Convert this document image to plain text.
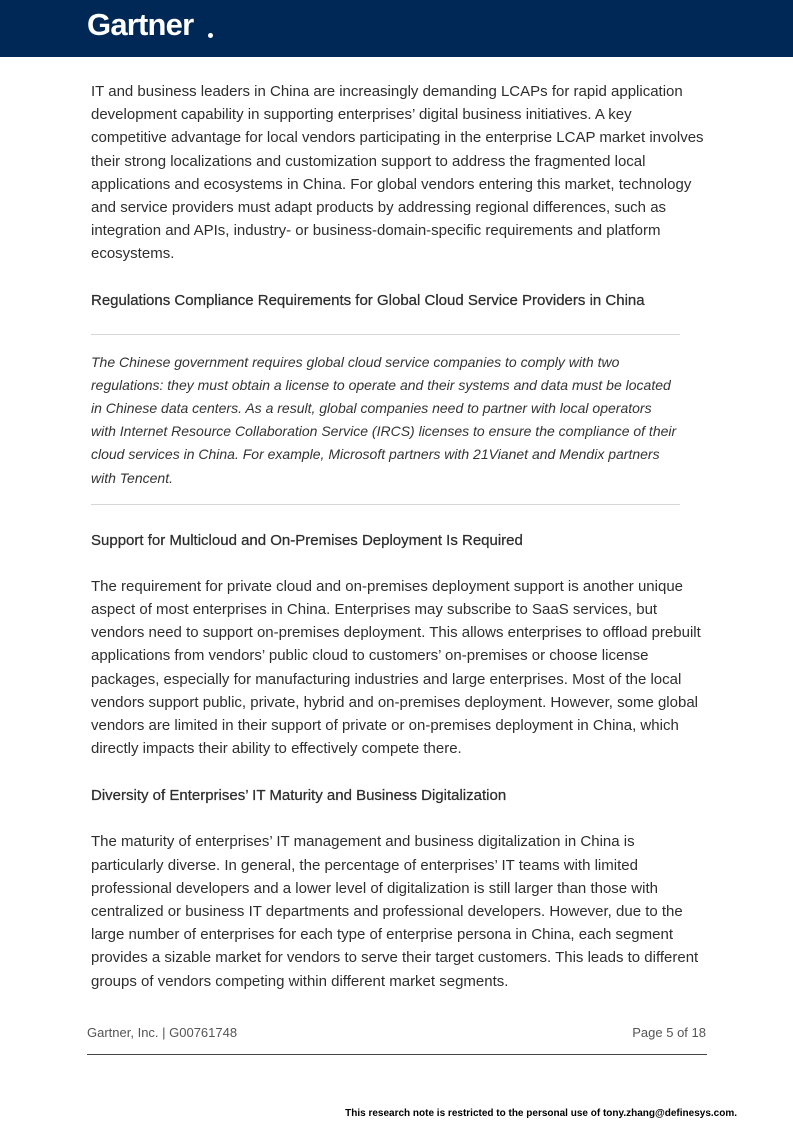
Gartner

IT and business leaders in China are increasingly demanding LCAPs for rapid application development capability in supporting enterprises’ digital business initiatives. A key competitive advantage for local vendors participating in the enterprise LCAP market involves their strong localizations and customization support to address the fragmented local applications and ecosystems in China. For global vendors entering this market, technology and service providers must adapt products by addressing regional differences, such as integration and APIs, industry- or business-domain-specific requirements and platform ecosystems.

Regulations Compliance Requirements for Global Cloud Service Providers in China

The Chinese government requires global cloud service companies to comply with two regulations: they must obtain a license to operate and their systems and data must be located in Chinese data centers. As a result, global companies need to partner with local operators with Internet Resource Collaboration Service (IRCS) licenses to ensure the compliance of their cloud services in China. For example, Microsoft partners with 21Vianet and Mendix partners with Tencent.

Support for Multicloud and On-Premises Deployment Is Required

The requirement for private cloud and on-premises deployment support is another unique aspect of most enterprises in China. Enterprises may subscribe to SaaS services, but vendors need to support on-premises deployment. This allows enterprises to offload prebuilt applications from vendors’ public cloud to customers’ on-premises or choose license packages, especially for manufacturing industries and large enterprises. Most of the local vendors support public, private, hybrid and on-premises deployment. However, some global vendors are limited in their support of private or on-premises deployment in China, which directly impacts their ability to effectively compete there.

Diversity of Enterprises’ IT Maturity and Business Digitalization

The maturity of enterprises’ IT management and business digitalization in China is particularly diverse. In general, the percentage of enterprises’ IT teams with limited professional developers and a lower level of digitalization is still larger than those with centralized or business IT departments and professional developers. However, due to the large number of enterprises for each type of enterprise persona in China, each segment provides a sizable market for vendors to serve their target customers. This leads to different groups of vendors competing within different market segments.

Gartner, Inc. | G00761748	Page 5 of 18
This research note is restricted to the personal use of tony.zhang@definesys.com.
